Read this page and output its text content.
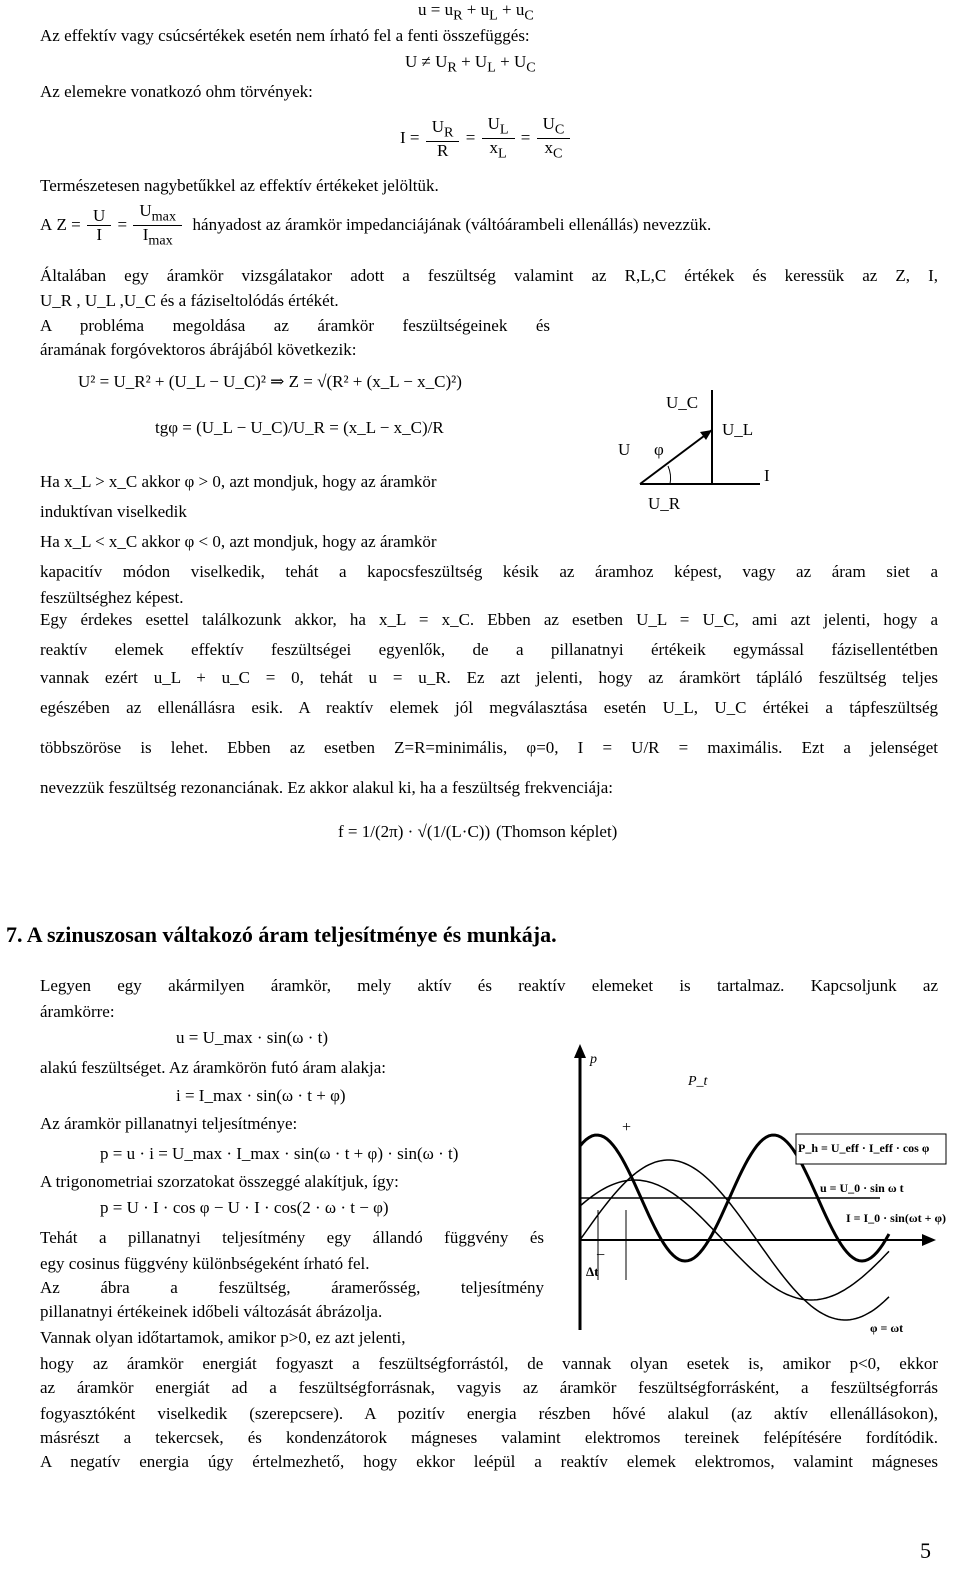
$u = u_R + u_L + u_C$
Az effektív vagy csúcsértékek esetén nem írható fel a fenti összefüggés:
$U \ne U_R + U_L + U_C$
Az elemekre vonatkozó ohm törvények:
$I = \frac{U_R}{R} = \frac{U_L}{x_L} = \frac{U_C}{x_C}$
Természetesen nagybetűkkel az effektív értékeket jelöltük.
A $Z = \frac{U}{I}$ =
$U_{max}$
$I_{max}$
hányadost az áramkör impedanciájának (váltóárambeli ellenállás) nevezzük.
Általában egy áramkör vizsgálatakor adott a feszültség valamint az R,L,C értékek és keressük az Z, I,
U_R , U_L ,U_C és a fáziseltolódás értékét.
A probléma megoldása az áramkör feszültségeinek és
áramának forgóvektoros ábrájából következik:
U² = U_R² + (U_L − U_C)² ⇒ Z = √(R² + (x_L − x_C)²)
tgφ = (U_L − U_C)/U_R = (x_L − x_C)/R
U φ
U_C
U_L
U_R
I
Ha x_L > x_C akkor φ > 0, azt mondjuk, hogy az áramkör
induktívan viselkedik
Ha x_L < x_C akkor φ < 0, azt mondjuk, hogy az áramkör
kapacitív módon viselkedik, tehát a kapocsfeszültség késik az áramhoz képest, vagy az áram siet a
feszültséghez képest.
Egy érdekes esettel találkozunk akkor, ha x_L = x_C. Ebben az esetben U_L = U_C, ami azt jelenti, hogy a
reaktív elemek effektív feszültségei egyenlők, de a pillanatnyi értékeik egymással fázisellentétben
vannak ezért u_L + u_C = 0, tehát u = u_R. Ez azt jelenti, hogy az áramkört tápláló feszültség teljes
egészében az ellenállásra esik. A reaktív elemek jól megválasztása esetén U_L, U_C értékei a tápfeszültség
többszöröse is lehet. Ebben az esetben Z=R=minimális, φ=0, I = U/R = maximális. Ezt a jelenséget
nevezzük feszültség rezonanciának. Ez akkor alakul ki, ha a feszültség frekvenciája:
f = 1/(2π) · √(1/(L·C)) (Thomson képlet)
7. A szinuszosan váltakozó áram teljesítménye és munkája.
Legyen egy akármilyen áramkör, mely aktív és reaktív elemeket is tartalmaz. Kapcsoljunk az
áramkörre:
u = U_max · sin(ω · t)
alakú feszültséget. Az áramkörön futó áram alakja:
i = I_max · sin(ω · t + φ)
Az áramkör pillanatnyi teljesítménye:
p = u · i = U_max · I_max · sin(ω · t + φ) · sin(ω · t)
A trigonometriai szorzatokat összeggé alakítjuk, így:
p = U · I · cos φ − U · I · cos(2 · ω · t − φ)
Tehát a pillanatnyi teljesítmény egy állandó függvény és
egy cosinus függvény különbségeként írható fel.
Az ábra a feszültség, áramerősség, teljesítmény
pillanatnyi értékeinek időbeli változását ábrázolja.
Vannak olyan időtartamok, amikor p>0, ez azt jelenti,
hogy az áramkör energiát fogyaszt a feszültségforrástól, de vannak olyan esetek is, amikor p<0, ekkor
az áramkör energiát ad a feszültségforrásnak, vagyis az áramkör feszültségforrásként, a feszültségforrás
fogyasztóként viselkedik (szerepcsere). A pozitív energia részben hővé alakul (az aktív ellenállásokon),
másrészt a tekercsek, és kondenzátorok mágneses valamint elektromos tereinek felépítésére fordítódik.
A negatív energia úgy értelmezhető, hogy ekkor leépül a reaktív elemek elektromos, valamint mágneses
p
P_t
+
−
P_h = U_eff · I_eff · cos φ
u = U_0 · sin ω t
I = I_0 · sin(ωt + φ)
Δt
φ = ωt
5
